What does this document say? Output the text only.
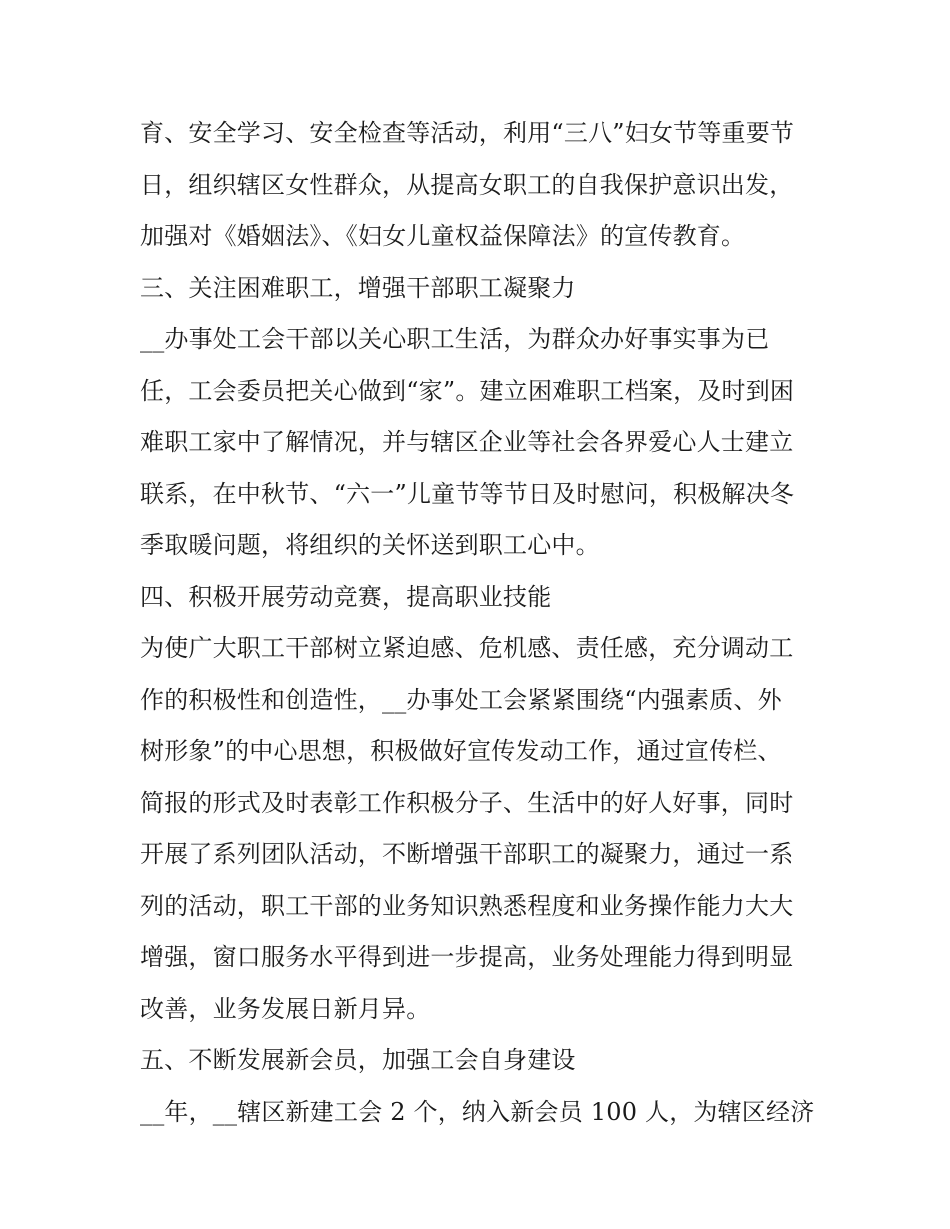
育、安全学习、安全检查等活动，利用“三八”妇女节等重要节
日，组织辖区女性群众，从提高女职工的自我保护意识出发，
加强对《婚姻法》、《妇女儿童权益保障法》的宣传教育。
三、关注困难职工，增强干部职工凝聚力
__办事处工会干部以关心职工生活，为群众办好事实事为已
任，工会委员把关心做到“家”。建立困难职工档案，及时到困
难职工家中了解情况，并与辖区企业等社会各界爱心人士建立
联系，在中秋节、“六一”儿童节等节日及时慰问，积极解决冬
季取暖问题，将组织的关怀送到职工心中。
四、积极开展劳动竞赛，提高职业技能
为使广大职工干部树立紧迫感、危机感、责任感，充分调动工
作的积极性和创造性，__办事处工会紧紧围绕“内强素质、外
树形象”的中心思想，积极做好宣传发动工作，通过宣传栏、
简报的形式及时表彰工作积极分子、生活中的好人好事，同时
开展了系列团队活动，不断增强干部职工的凝聚力，通过一系
列的活动，职工干部的业务知识熟悉程度和业务操作能力大大
增强，窗口服务水平得到进一步提高，业务处理能力得到明显
改善，业务发展日新月异。
五、不断发展新会员，加强工会自身建设
__年，__辖区新建工会 2 个，纳入新会员 100 人，为辖区经济
